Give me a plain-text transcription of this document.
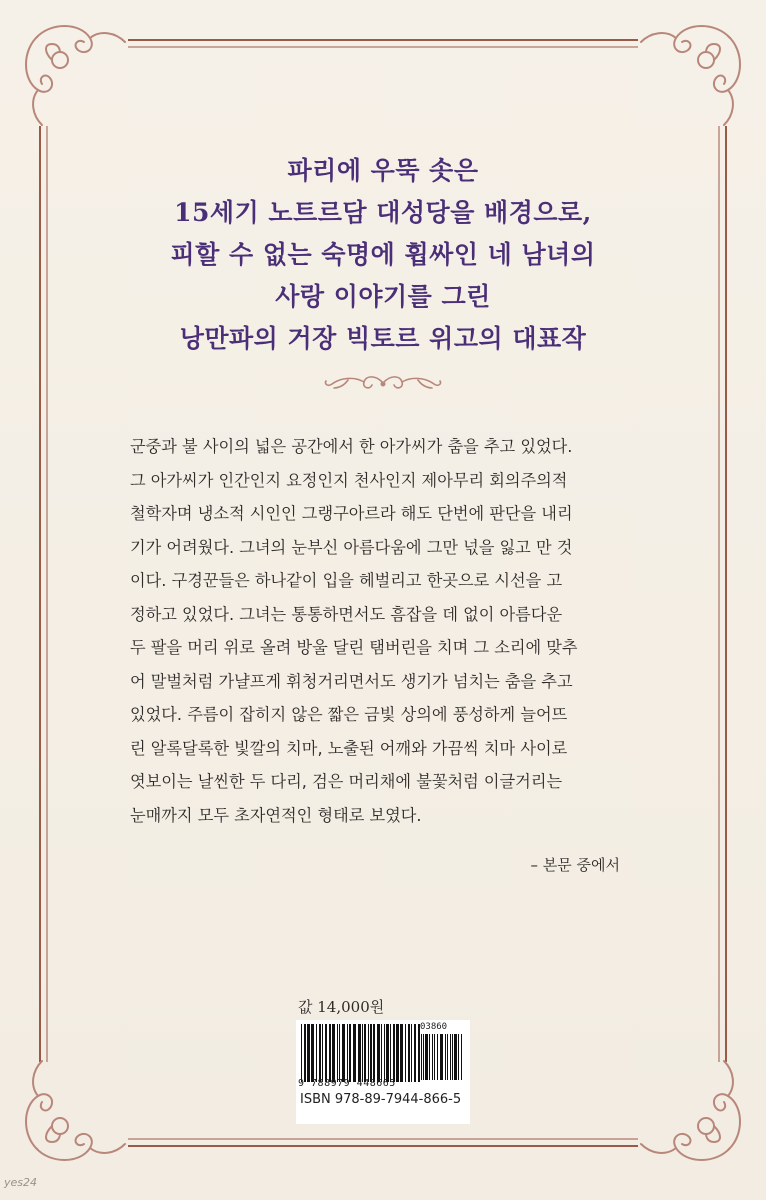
파리에 우뚝 솟은
15세기 노트르담 대성당을 배경으로,
피할 수 없는 숙명에 휩싸인 네 남녀의
사랑 이야기를 그린
낭만파의 거장 빅토르 위고의 대표작
군중과 불 사이의 넓은 공간에서 한 아가씨가 춤을 추고 있었다.
그 아가씨가 인간인지 요정인지 천사인지 제아무리 회의주의적
철학자며 냉소적 시인인 그랭구아르라 해도 단번에 판단을 내리
기가 어려웠다. 그녀의 눈부신 아름다움에 그만 넋을 잃고 만 것
이다. 구경꾼들은 하나같이 입을 헤벌리고 한곳으로 시선을 고
정하고 있었다. 그녀는 통통하면서도 흠잡을 데 없이 아름다운
두 팔을 머리 위로 올려 방울 달린 탬버린을 치며 그 소리에 맞추
어 말벌처럼 가냘프게 휘청거리면서도 생기가 넘치는 춤을 추고
있었다. 주름이 잡히지 않은 짧은 금빛 상의에 풍성하게 늘어뜨
린 알록달록한 빛깔의 치마, 노출된 어깨와 가끔씩 치마 사이로
엿보이는 날씬한 두 다리, 검은 머리채에 불꽃처럼 이글거리는
눈매까지 모두 초자연적인 형태로 보였다.
– 본문 중에서
값 14,000원
03860
9 788979 448665
ISBN 978-89-7944-866-5
yes24
